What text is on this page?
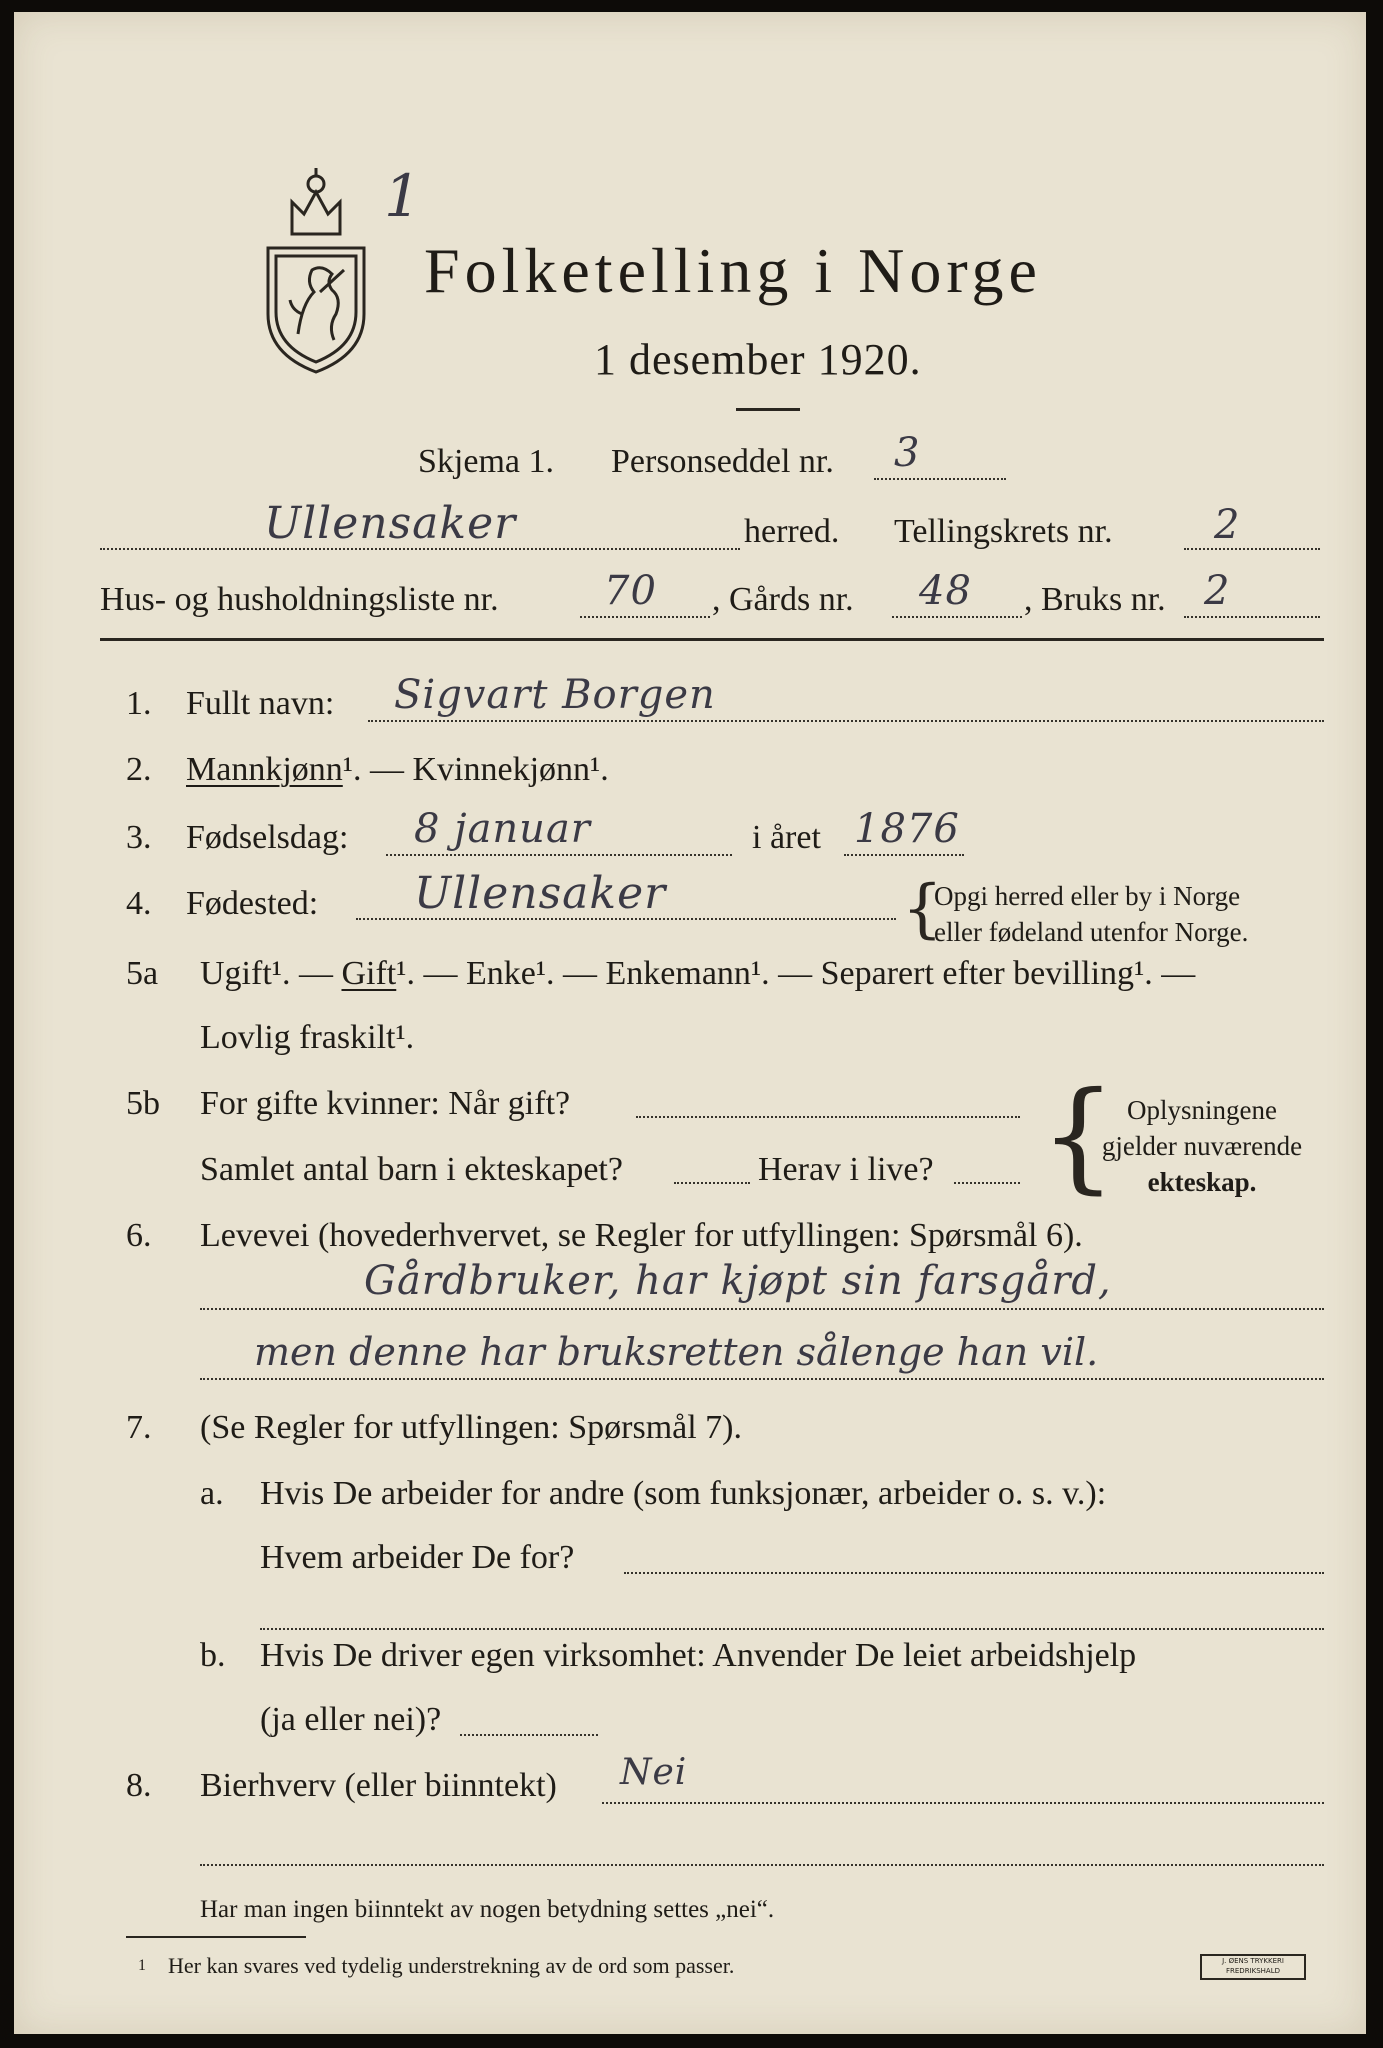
1
Folketelling i Norge
1 desember 1920.
Skjema 1. Personseddel nr. 3
Ullensaker	herred. Tellingskrets nr.	2
Hus- og husholdningsliste nr.	70 , Gårds nr. 48 , Bruks nr. 2
1. Fullt navn: Sigvart Borgen
2. Mannkjønn¹. — Kvinnekjønn¹.
3. Fødselsdag: 8 januar	i året 1876
4. Fødested: Ullensaker	{
Opgi herred eller by i Norge
eller fødeland utenfor Norge.
5a Ugift¹. — Gift¹. — Enke¹. — Enkemann¹. — Separert efter bevilling¹. —
Lovlig fraskilt¹.
5b For gifte kvinner: Når gift?
Samlet antal barn i ekteskapet?	Herav i live? { Oplysningene
gjelder nuværende
ekteskap.
6. Levevei (hovederhvervet, se Regler for utfyllingen: Spørsmål 6).
Gårdbruker, har kjøpt sin farsgård,
men denne har bruksretten sålenge han vil.
7. (Se Regler for utfyllingen: Spørsmål 7).
a. Hvis De arbeider for andre (som funksjonær, arbeider o. s. v.):
Hvem arbeider De for?
b. Hvis De driver egen virksomhet: Anvender De leiet arbeidshjelp
(ja eller nei)?
8. Bierhverv (eller biinntekt) Nei
Har man ingen biinntekt av nogen betydning settes „nei“.
1 Her kan svares ved tydelig understrekning av de ord som passer.	J. ØENS TRYKKERI
FREDRIKSHALD
